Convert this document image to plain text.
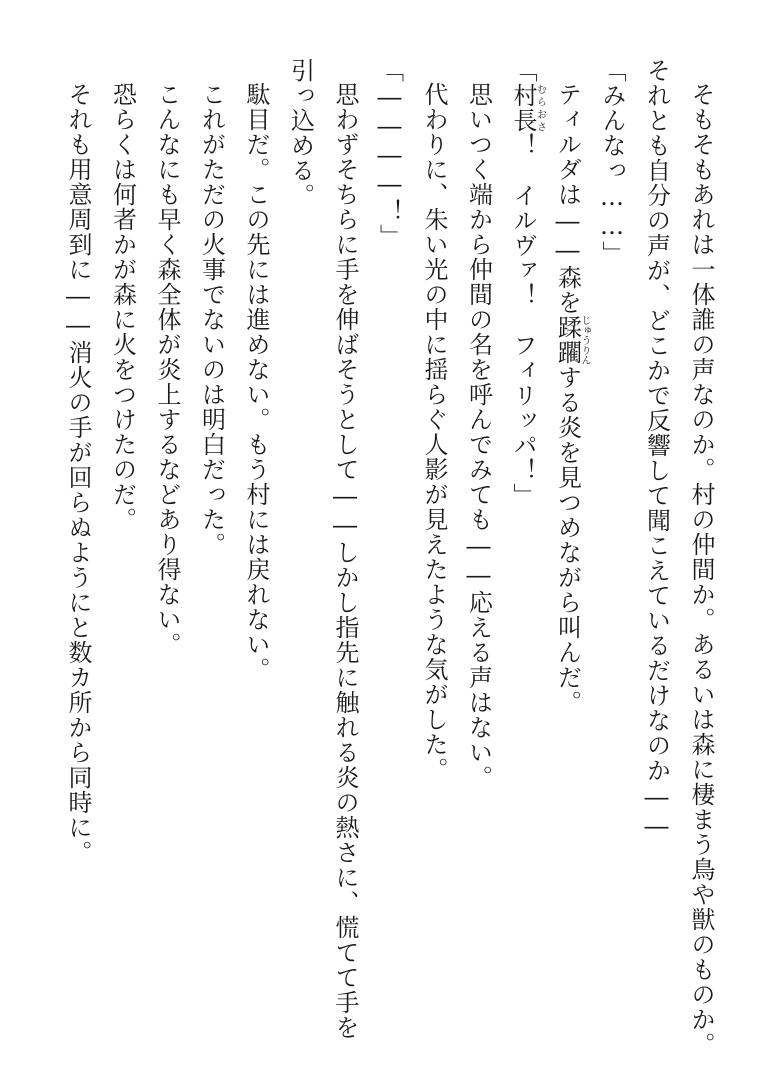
そもそもあれは一体誰の声なのか。村の仲間か。あるいは森に棲まう鳥や獣のものか。それとも自分の声が、どこかで反響して聞こえているだけなのか――

「みんなっ……」

ティルダは――森を蹂躙じゅうりんする炎を見つめながら叫んだ。

「村長むらおさ！　イルヴァ！　フィリッパ！」

思いつく端から仲間の名を呼んでみても――応える声はない。

代わりに、朱い光の中に揺らぐ人影が見えたような気がした。

「――――！」

思わずそちらに手を伸ばそうとして――しかし指先に触れる炎の熱さに、慌てて手を引っ込める。

駄目だ。この先には進めない。もう村には戻れない。

これがただの火事でないのは明白だった。

こんなにも早く森全体が炎上するなどあり得ない。

恐らくは何者かが森に火をつけたのだ。

それも用意周到に――消火の手が回らぬようにと数カ所から同時に。
